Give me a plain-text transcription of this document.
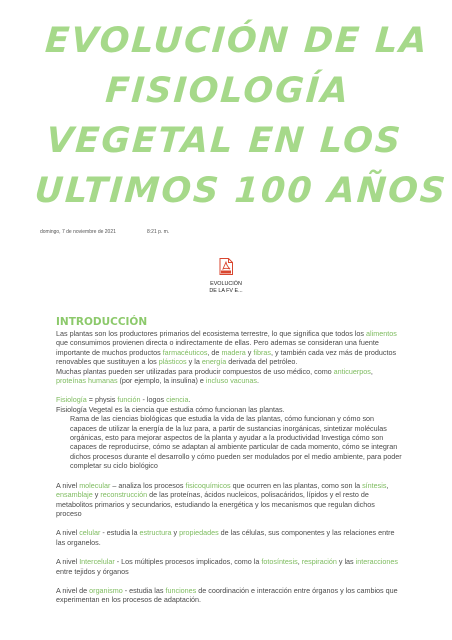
EVOLUCIÓN DE LA
FISIOLOGÍA
VEGETAL EN LOS
ULTIMOS 100 AÑOS
domingo, 7 de noviembre de 2021	8:21 p. m.
EVOLUCIÓN
DE LA FV E...
INTRODUCCIÓN

Las plantas son los productores primarios del ecosistema terrestre, lo que significa que todos los alimentos que consumimos provienen directa o indirectamente de ellas. Pero ademas se consideran una fuente importante de muchos productos farmacéuticos, de madera y fibras, y también cada vez más de productos renovables que sustituyen a los plásticos y la energía derivada del petróleo.

Muchas plantas pueden ser utilizadas para producir compuestos de uso médico, como anticuerpos, proteínas humanas (por ejemplo, la insulina) e incluso vacunas.

Fisiología = physis función - logos ciencia.

Fisiología Vegetal es la ciencia que estudia cómo funcionan las plantas.

Rama de las ciencias biológicas que estudia la vida de las plantas, cómo funcionan y cómo son capaces de utilizar la energía de la luz para, a partir de sustancias inorgánicas, sintetizar moléculas orgánicas, esto para mejorar aspectos de la planta y ayudar a la productividad Investiga cómo son capaces de reproducirse, cómo se adaptan al ambiente particular de cada momento, cómo se integran dichos procesos durante el desarrollo y cómo pueden ser modulados por el medio ambiente, para poder completar su ciclo biológico

A nivel molecular – analiza los procesos fisicoquímicos que ocurren en las plantas, como son la síntesis, ensamblaje y reconstrucción de las proteínas, ácidos nucleicos, polisacáridos, lípidos y el resto de metabolitos primarios y secundarios, estudiando la energética y los mecanismos que regulan dichos proceso

A nivel celular - estudia la estructura y propiedades de las células, sus componentes y las relaciones entre las organelos.

A nivel Intercelular - Los múltiples procesos implicados, como la fotosíntesis, respiración y las interacciones entre tejidos y órganos

A nivel de organismo - estudia las funciones de coordinación e interacción entre órganos y los cambios que experimentan en los procesos de adaptación.
